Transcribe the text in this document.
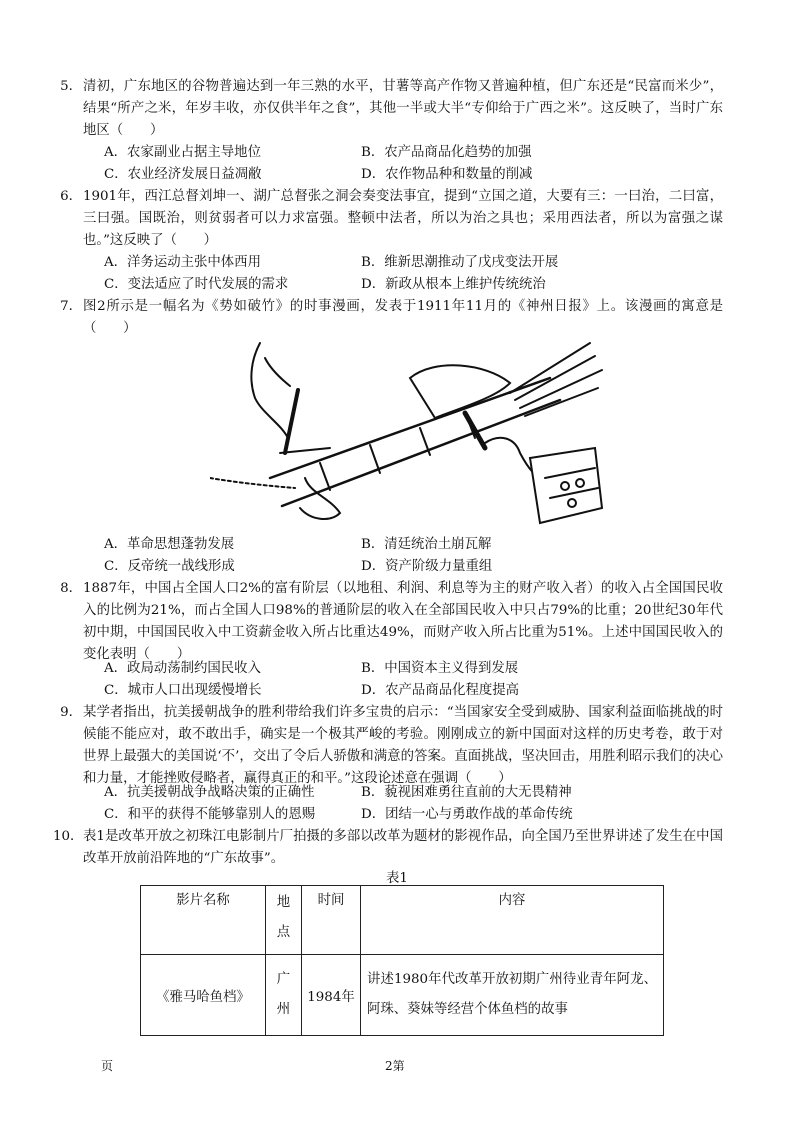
5． 清初，广东地区的谷物普遍达到一年三熟的水平，甘薯等高产作物又普遍种植，但广东还是“民富而米少”，结果“所产之米，年岁丰收，亦仅供半年之食”，其他一半或大半“专仰给于广西之米”。这反映了，当时广东地区（　　）

A．农家副业占据主导地位	B．农产品商品化趋势的加强
C．农业经济发展日益凋敝	D．农作物品种和数量的削减
6． 1901年，西江总督刘坤一、湖广总督张之洞会奏变法事宜，提到“立国之道，大要有三：一曰治，二曰富，三曰强。国既治，则贫弱者可以力求富强。整顿中法者，所以为治之具也；采用西法者，所以为富强之谋也。”这反映了（　　）

A．洋务运动主张中体西用	B．维新思潮推动了戊戌变法开展
C．变法适应了时代发展的需求	D．新政从根本上维护传统统治
7． 图2所示是一幅名为《势如破竹》的时事漫画，发表于1911年11月的《神州日报》上。该漫画的寓意是（　　）

A．革命思想蓬勃发展	B．清廷统治土崩瓦解
C．反帝统一战线形成	D．资产阶级力量重组
8． 1887年，中国占全国人口2%的富有阶层（以地租、利润、利息等为主的财产收入者）的收入占全国国民收入的比例为21%，而占全国人口98%的普通阶层的收入在全部国民收入中只占79%的比重；20世纪30年代初中期，中国国民收入中工资薪金收入所占比重达49%，而财产收入所占比重为51%。上述中国国民收入的变化表明（　　）

A．政局动荡制约国民收入	B．中国资本主义得到发展
C．城市人口出现缓慢增长	D．农产品商品化程度提高
9． 某学者指出，抗美援朝战争的胜利带给我们许多宝贵的启示：“当国家安全受到威胁、国家利益面临挑战的时候能不能应对，敢不敢出手，确实是一个极其严峻的考验。刚刚成立的新中国面对这样的历史考卷，敢于对世界上最强大的美国说‘不’，交出了令后人骄傲和满意的答案。直面挑战，坚决回击，用胜利昭示我们的决心和力量，才能挫败侵略者，赢得真正的和平。”这段论述意在强调（　　）

A．抗美援朝战争战略决策的正确性	B．藐视困难勇往直前的大无畏精神
C．和平的获得不能够靠别人的恩赐	D．团结一心与勇敢作战的革命传统
10． 表1是改革开放之初珠江电影制片厂拍摄的多部以改革为题材的影视作品，向全国乃至世界讲述了发生在中国改革开放前沿阵地的“广东故事”。

表1
影片名称	地点	时间	内容
《雅马哈鱼档》	广州	1984年	讲述1980年代改革开放初期广州待业青年阿龙、阿珠、葵妹等经营个体鱼档的故事
页	2第
